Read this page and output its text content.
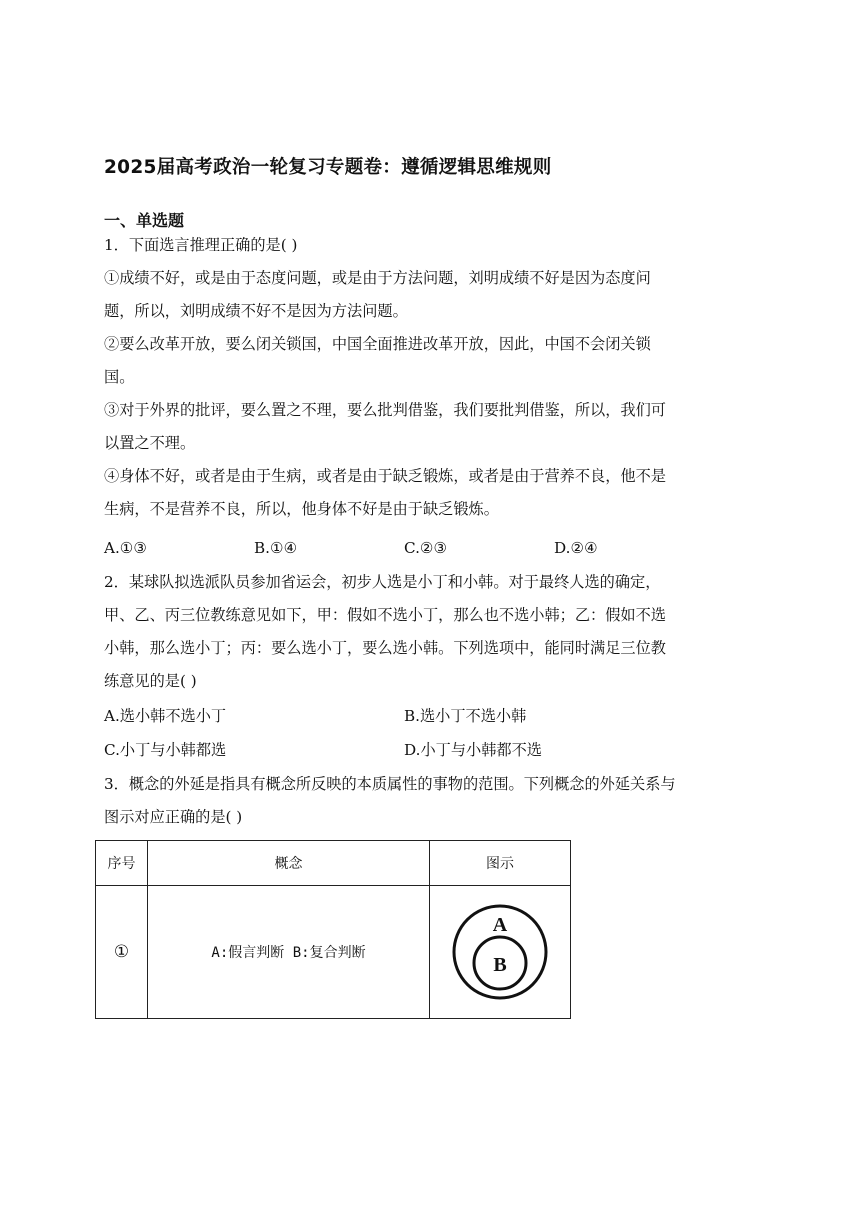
2025届高考政治一轮复习专题卷：遵循逻辑思维规则
一、单选题
1．下面选言推理正确的是( )
①成绩不好，或是由于态度问题，或是由于方法问题，刘明成绩不好是因为态度问
题，所以，刘明成绩不好不是因为方法问题。
②要么改革开放，要么闭关锁国，中国全面推进改革开放，因此，中国不会闭关锁
国。
③对于外界的批评，要么置之不理，要么批判借鉴，我们要批判借鉴，所以，我们可
以置之不理。
④身体不好，或者是由于生病，或者是由于缺乏锻炼，或者是由于营养不良，他不是
生病，不是营养不良，所以，他身体不好是由于缺乏锻炼。
A.①③	B.①④	C.②③	D.②④
2．某球队拟选派队员参加省运会，初步人选是小丁和小韩。对于最终人选的确定，
甲、乙、丙三位教练意见如下，甲：假如不选小丁，那么也不选小韩；乙：假如不选
小韩，那么选小丁；丙：要么选小丁，要么选小韩。下列选项中，能同时满足三位教
练意见的是( )
A.选小韩不选小丁	B.选小丁不选小韩
C.小丁与小韩都选	D.小丁与小韩都不选
3．概念的外延是指具有概念所反映的本质属性的事物的范围。下列概念的外延关系与
图示对应正确的是( )
序号	概念	图示
①	A:假言判断 B:复合判断	A
B
